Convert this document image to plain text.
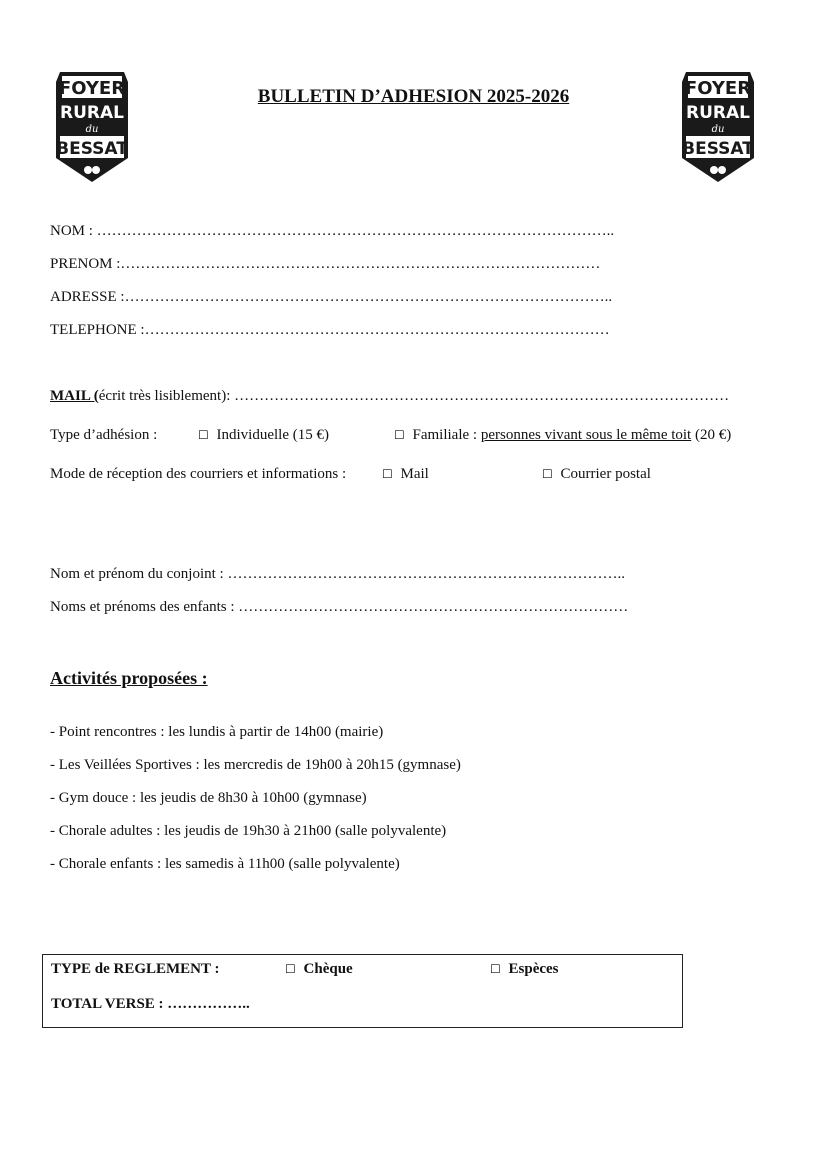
FOYER
RURAL
du
BESSAT
FOYER
RURAL
du
BESSAT
BULLETIN D’ADHESION 2025-2026
NOM : …………………………………………………………………………………………..
PRENOM :……………………………………………………………………………………
ADRESSE :……………………………………………………………………………………..
TELEPHONE :…………………………………………………………………………………
MAIL (écrit très lisiblement): ………………………………………………………………………………………
Type d’adhésion :	☐ Individuelle (15 €)	☐ Familiale : personnes vivant sous le même toit (20 €)
Mode de réception des courriers et informations :	☐ Mail	☐ Courrier postal
Nom et prénom du conjoint : ……………………………………………………………………..
Noms et prénoms des enfants : ……………………………………………………………………
Activités proposées :
- Point rencontres : les lundis à partir de 14h00 (mairie)
- Les Veillées Sportives : les mercredis de 19h00 à 20h15 (gymnase)
- Gym douce : les jeudis de 8h30 à 10h00 (gymnase)
- Chorale adultes : les jeudis de 19h30 à 21h00 (salle polyvalente)
- Chorale enfants : les samedis à 11h00 (salle polyvalente)
TYPE de REGLEMENT :	☐ Chèque	☐ Espèces
TOTAL VERSE : ……………..
